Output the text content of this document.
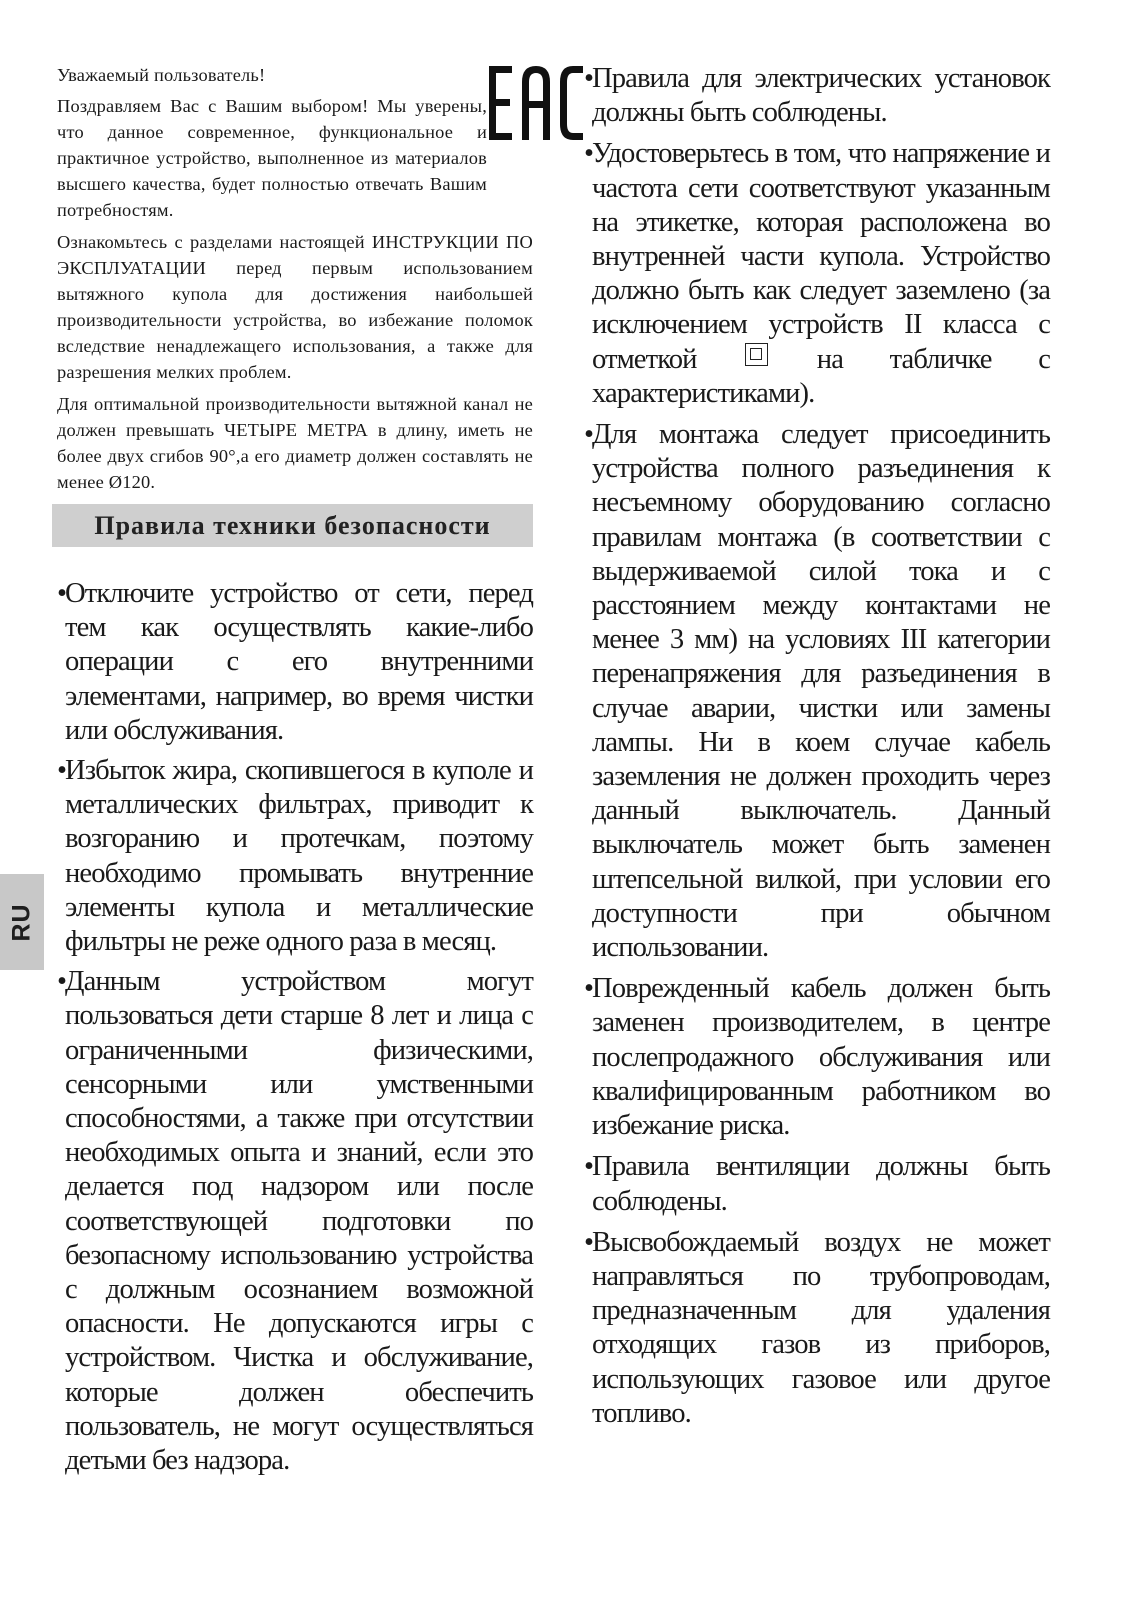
RU

Уважаемый пользователь!

Поздравляем Вас с Вашим выбором! Мы уверены, что данное современное, функциональное и практичное устройство, выполненное из материалов высшего качества, будет полностью отвечать Вашим потребностям.

Ознакомьтесь с разделами настоящей ИНСТРУКЦИИ ПО ЭКСПЛУАТАЦИИ перед первым использованием вытяжного купола для достижения наибольшей производительности устройства, во избежание поломок вследствие ненадлежащего использования, а также для разрешения мелких проблем.

Для оптимальной производительности вытяжной канал не должен превышать ЧЕТЫРЕ МЕТРА в длину, иметь не более двух сгибов 90°,а его диаметр должен составлять не менее Ø120.

Правила техники безопасности
•
Отключите устройство от сети, перед тем как осуществлять какие-либо операции с его внутренними элементами, например, во время чистки или обслуживания.
•
Избыток жира, скопившегося в куполе и металлических фильтрах, приводит к возгоранию и протечкам, поэтому необходимо промывать внутренние элементы купола и металлические фильтры не реже одного раза в месяц.
•
Данным устройством могут пользоваться дети старше 8 лет и лица с ограниченными физическими, сенсорными или умственными способностями, а также при отсутствии необходимых опыта и знаний, если это делается под надзором или после соответствующей подготовки по безопасному использованию устройства с должным осознанием возможной опасности. Не допускаются игры с устройством. Чистка и обслуживание, которые должен обеспечить пользователь, не могут осуществляться детьми без надзора.
•
Правила для электрических установок должны быть соблюдены.
•
Удостоверьтесь в том, что напряжение и частота сети соответствуют указанным на этикетке, которая расположена во внутренней части купола. Устройство должно быть как следует заземлено (за исключением устройств II класса с отметкой	на табличке с характеристиками).
•
Для монтажа следует присоединить устройства полного разъединения к несъемному оборудованию согласно правилам монтажа (в соответствии с выдерживаемой силой тока и с расстоянием между контактами не менее 3 мм) на условиях III категории перенапряжения для разъединения в случае аварии, чистки или замены лампы. Ни в коем случае кабель заземления не должен проходить через данный выключатель. Данный выключатель может быть заменен штепсельной вилкой, при условии его доступности при обычном использовании.
•
Поврежденный кабель должен быть заменен производителем, в центре послепродажного обслуживания или квалифицированным работником во избежание риска.
•
Правила вентиляции должны быть соблюдены.
•
Высвобождаемый воздух не может направляться по трубопроводам, предназначенным для удаления отходящих газов из приборов, использующих газовое или другое топливо.
